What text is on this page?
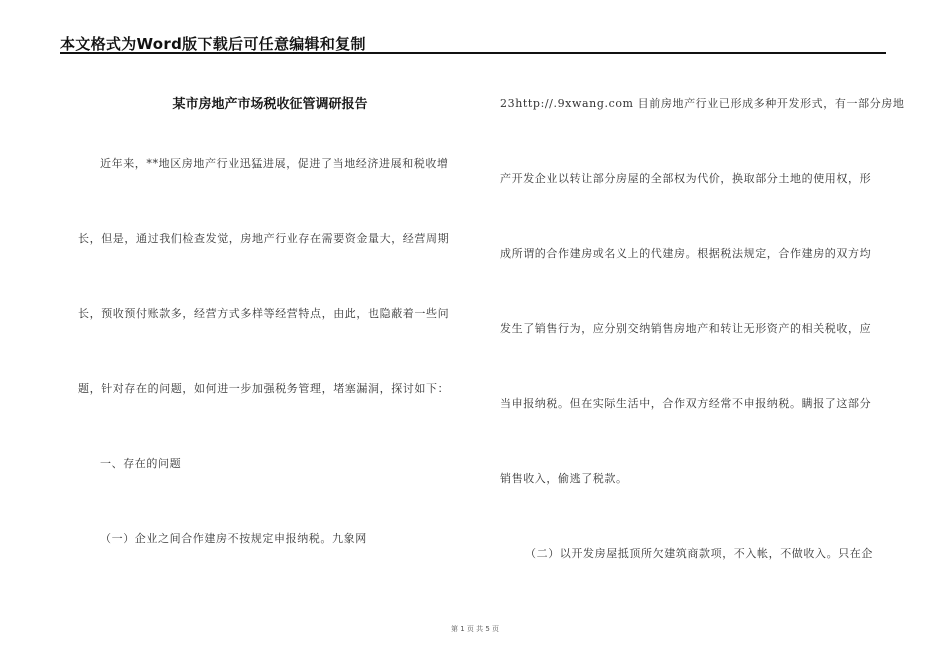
本文格式为Word版下载后可任意编辑和复制
某市房地产市场税收征管调研报告
近年来，**地区房地产行业迅猛进展，促进了当地经济进展和税收增
长，但是，通过我们检查发觉，房地产行业存在需要资金量大，经营周期
长，预收预付账款多，经营方式多样等经营特点，由此，也隐蔽着一些问
题，针对存在的问题，如何进一步加强税务管理，堵塞漏洞，探讨如下：
一、存在的问题
（一）企业之间合作建房不按规定申报纳税。九象网
23http://.9xwang.com 目前房地产行业已形成多种开发形式，有一部分房地
产开发企业以转让部分房屋的全部权为代价，换取部分土地的使用权，形
成所谓的合作建房或名义上的代建房。根据税法规定，合作建房的双方均
发生了销售行为，应分别交纳销售房地产和转让无形资产的相关税收，应
当申报纳税。但在实际生活中，合作双方经常不申报纳税。瞒报了这部分
销售收入，偷逃了税款。
（二）以开发房屋抵顶所欠建筑商款项，不入帐，不做收入。只在企
第 1 页 共 5 页
